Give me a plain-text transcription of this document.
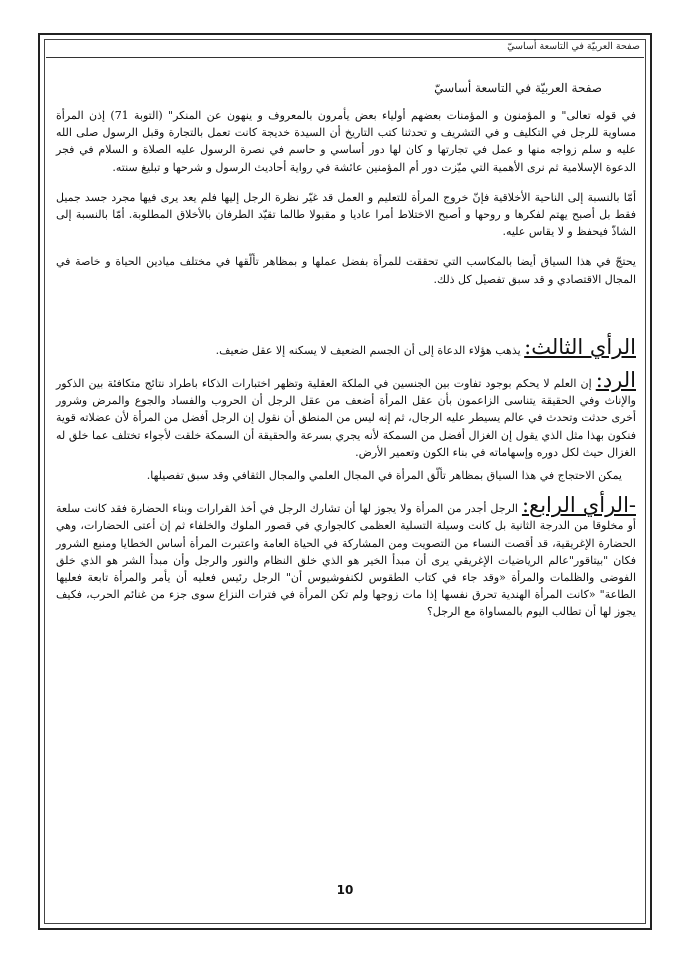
صفحة العربيّة في التاسعة أساسيّ
صفحة العربيّة في التاسعة أساسيّ

في قوله تعالى" و المؤمنون و المؤمنات بعضهم أولياء بعض يأمرون بالمعروف و ينهون عن المنكر" (التوبة 71) إذن المرأة مساوية للرجل في التكليف و في التشريف و تحدثنا كتب التاريخ أن السيدة خديجة كانت تعمل بالتجارة وقبل الرسول صلى الله عليه و سلم زواجه منها و عمل في تجارتها و كان لها دور أساسي و حاسم في نصرة الرسول عليه الصلاة و السلام في فجر الدعوة الإسلامية ثم نرى الأهمية التي ميّزت دور أم المؤمنين عائشة في رواية أحاديث الرسول و شرحها و تبليغ سنته.

أمّا بالنسبة إلى الناحية الأخلاقية فإنّ خروج المرأة للتعليم و العمل قد غيّر نظرة الرجل إليها فلم يعد يرى فيها مجرد جسد جميل فقط بل أصبح يهتم لفكرها و روحها و أصبح الاختلاط أمرا عاديا و مقبولا طالما تقيّد الطرفان بالأخلاق المطلوبة. أمّا بالنسبة إلى الشاذّ فيحفظ و لا يقاس عليه.

يحتجّ في هذا السياق أيضا بالمكاسب التي تحققت للمرأة بفضل عملها و بمظاهر تألّقها في مختلف ميادين الحياة و خاصة في المجال الاقتصادي و قد سبق تفصيل كل ذلك.

الرأي الثالث: يذهب هؤلاء الدعاة إلى أن الجسم الضعيف لا يسكنه إلا عقل ضعيف.

الرد: إن العلم لا يحكم بوجود تفاوت بين الجنسين في الملكة العقلية وتظهر اختبارات الذكاء باطراد نتائج متكافئة بين الذكور والإناث وفي الحقيقة يتناسى الزاعمون بأن عقل المرأة أضعف من عقل الرجل أن الحروب والفساد والجوع والمرض وشرور أخرى حدثت وتحدث في عالم يسيطر عليه الرجال، ثم إنه ليس من المنطق أن نقول إن الرجل أفضل من المرأة لأن عضلاته قوية فنكون بهذا مثل الذي يقول إن الغزال أفضل من السمكة لأنه يجري بسرعة والحقيقة أن السمكة خلقت لأجواء تختلف عما خلق له الغزال حيث لكل دوره وإسهاماته في بناء الكون وتعمير الأرض.

يمكن الاحتجاج في هذا السياق بمظاهر تألّق المرأة في المجال العلمي والمجال الثقافي وقد سبق تفصيلها.

-الرأي الرابع: الرجل أجدر من المرأة ولا يجوز لها أن تشارك الرجل في أخذ القرارات وبناء الحضارة فقد كانت سلعة أو مخلوقا من الدرجة الثانية بل كانت وسيلة التسلية العظمى كالجواري في قصور الملوك والخلفاء ثم إن أعتى الحضارات، وهي الحضارة الإغريقية، قد أقصت النساء من التصويت ومن المشاركة في الحياة العامة واعتبرت المرأة أساس الخطايا ومنبع الشرور فكان "بيتاقور"عالم الرياضيات الإغريقي يرى أن مبدأ الخير هو الذي خلق النظام والنور والرجل وأن مبدأ الشر هو الذي خلق الفوضى والظلمات والمرأة «وقد جاء في كتاب الطقوس لكنفوشيوس أن" الرجل رئيس فعليه أن يأمر والمرأة تابعة فعليها الطاعة" «كانت المرأة الهندية تحرق نفسها إذا مات زوجها ولم تكن المرأة في فترات النزاع سوى جزء من غنائم الحرب، فكيف يجوز لها أن تطالب اليوم بالمساواة مع الرجل؟

10
